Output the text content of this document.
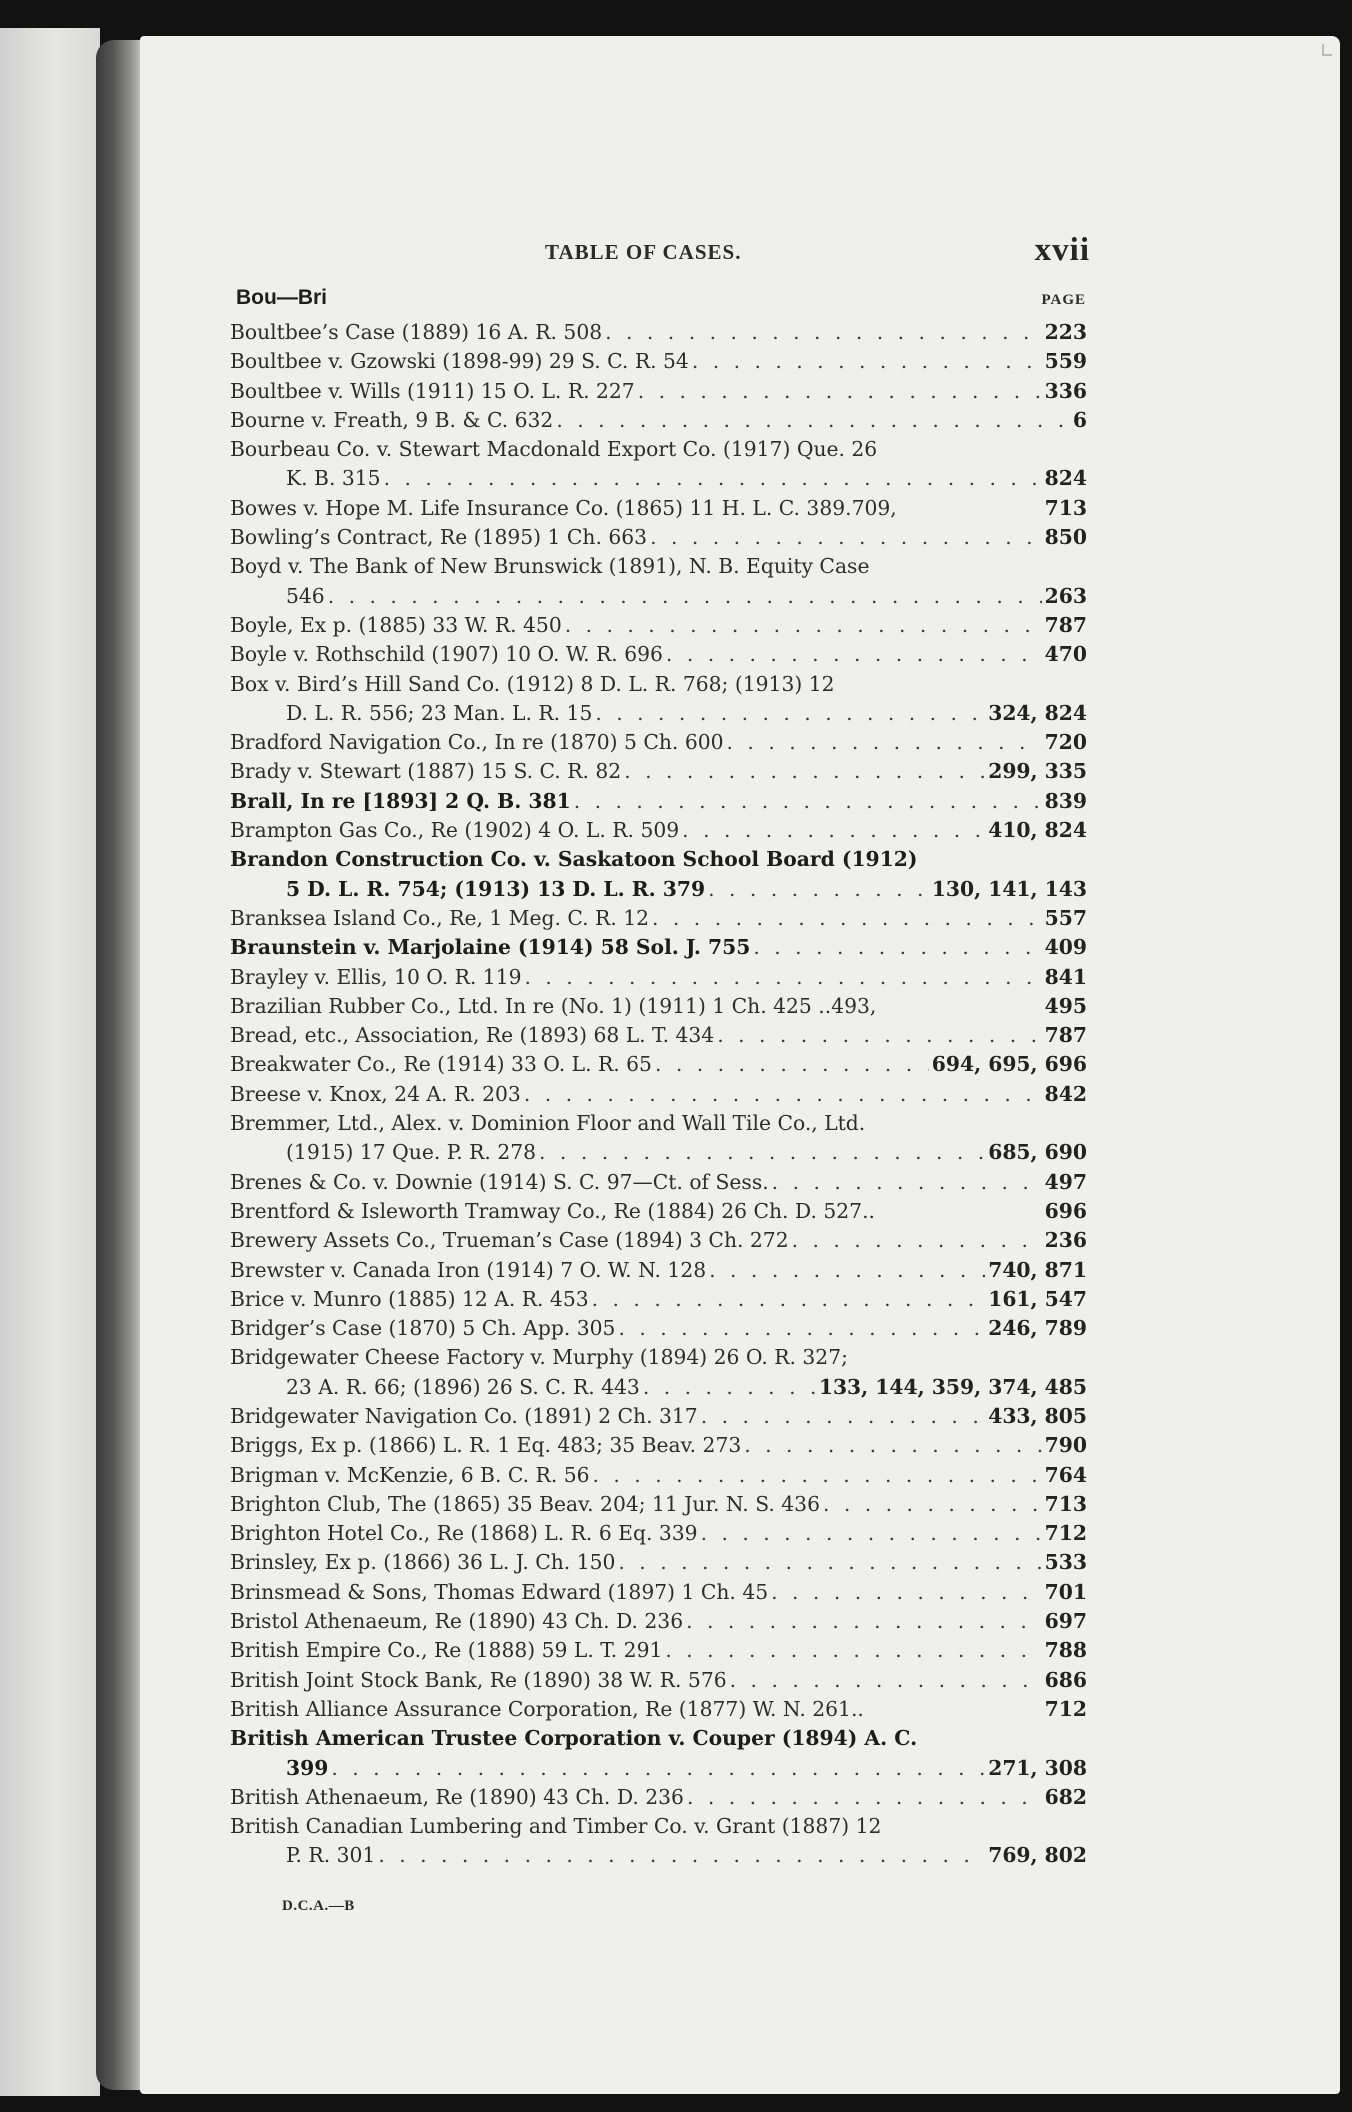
TABLE OF CASES.	xvii
Bou—Bri	PAGE
Boultbee’s Case (1889) 16 A. R. 508 . . .	223
Boultbee v. Gzowski (1898-99) 29 S. C. R. 54 . . .	559
Boultbee v. Wills (1911) 15 O. L. R. 227 . . .	336
Bourne v. Freath, 9 B. & C. 632 . . .	6
Bourbeau Co. v. Stewart Macdonald Export Co. (1917) Que. 26
K. B. 315 . . .	824
Bowes v. Hope M. Life Insurance Co. (1865) 11 H. L. C. 389.709,	713
Bowling’s Contract, Re (1895) 1 Ch. 663 . . .	850
Boyd v. The Bank of New Brunswick (1891), N. B. Equity Case
546 . . .	263
Boyle, Ex p. (1885) 33 W. R. 450 . . .	787
Boyle v. Rothschild (1907) 10 O. W. R. 696 . . .	470
Box v. Bird’s Hill Sand Co. (1912) 8 D. L. R. 768; (1913) 12
D. L. R. 556; 23 Man. L. R. 15 . . .	324, 824
Bradford Navigation Co., In re (1870) 5 Ch. 600 . . .	720
Brady v. Stewart (1887) 15 S. C. R. 82 . . .	299, 335
Brall, In re [1893] 2 Q. B. 381 . . .	839
Brampton Gas Co., Re (1902) 4 O. L. R. 509 . . .	410, 824
Brandon Construction Co. v. Saskatoon School Board (1912)
5 D. L. R. 754; (1913) 13 D. L. R. 379 . . .	130, 141, 143
Branksea Island Co., Re, 1 Meg. C. R. 12 . . .	557
Braunstein v. Marjolaine (1914) 58 Sol. J. 755 . . .	409
Brayley v. Ellis, 10 O. R. 119 . . .	841
Brazilian Rubber Co., Ltd. In re (No. 1) (1911) 1 Ch. 425 ..493,	495
Bread, etc., Association, Re (1893) 68 L. T. 434 . . .	787
Breakwater Co., Re (1914) 33 O. L. R. 65 . . .	694, 695, 696
Breese v. Knox, 24 A. R. 203 . . .	842
Bremmer, Ltd., Alex. v. Dominion Floor and Wall Tile Co., Ltd.
(1915) 17 Que. P. R. 278 . . .	685, 690
Brenes & Co. v. Downie (1914) S. C. 97—Ct. of Sess. . . .	497
Brentford & Isleworth Tramway Co., Re (1884) 26 Ch. D. 527..	696
Brewery Assets Co., Trueman’s Case (1894) 3 Ch. 272 . . .	236
Brewster v. Canada Iron (1914) 7 O. W. N. 128 . . .	740, 871
Brice v. Munro (1885) 12 A. R. 453 . . .	161, 547
Bridger’s Case (1870) 5 Ch. App. 305 . . .	246, 789
Bridgewater Cheese Factory v. Murphy (1894) 26 O. R. 327;
23 A. R. 66; (1896) 26 S. C. R. 443 . . .	133, 144, 359, 374, 485
Bridgewater Navigation Co. (1891) 2 Ch. 317 . . .	433, 805
Briggs, Ex p. (1866) L. R. 1 Eq. 483; 35 Beav. 273 . . .	790
Brigman v. McKenzie, 6 B. C. R. 56 . . .	764
Brighton Club, The (1865) 35 Beav. 204; 11 Jur. N. S. 436 . . .	713
Brighton Hotel Co., Re (1868) L. R. 6 Eq. 339 . . .	712
Brinsley, Ex p. (1866) 36 L. J. Ch. 150 . . .	533
Brinsmead & Sons, Thomas Edward (1897) 1 Ch. 45 . . .	701
Bristol Athenaeum, Re (1890) 43 Ch. D. 236 . . .	697
British Empire Co., Re (1888) 59 L. T. 291 . . .	788
British Joint Stock Bank, Re (1890) 38 W. R. 576 . . .	686
British Alliance Assurance Corporation, Re (1877) W. N. 261..	712
British American Trustee Corporation v. Couper (1894) A. C.
399 . . .	271, 308
British Athenaeum, Re (1890) 43 Ch. D. 236 . . .	682
British Canadian Lumbering and Timber Co. v. Grant (1887) 12
P. R. 301 . . .	769, 802
D.C.A.—B
